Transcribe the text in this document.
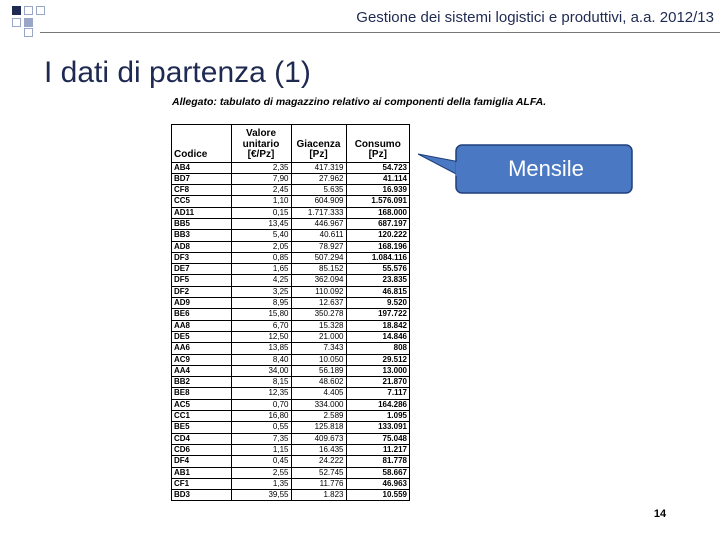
Gestione dei sistemi logistici e produttivi, a.a. 2012/13
I dati di partenza (1)
Allegato: tabulato di magazzino relativo ai componenti della famiglia ALFA.
Codice	Valore unitario [€/Pz]	Giacenza [Pz]	Consumo [Pz]
AB4	2,35	417.319	54.723
BD7	7,90	27.962	41.114
CF8	2,45	5.635	16.939
CC5	1,10	604.909	1.576.091
AD11	0,15	1.717.333	168.000
BB5	13,45	446.967	687.197
BB3	5,40	40.611	120.222
AD8	2,05	78.927	168.196
DF3	0,85	507.294	1.084.116
DE7	1,65	85.152	55.576
DF5	4,25	362.094	23.835
DF2	3,25	110.092	46.815
AD9	8,95	12.637	9.520
BE6	15,80	350.278	197.722
AA8	6,70	15.328	18.842
DE5	12,50	21.000	14.846
AA6	13,85	7.343	808
AC9	8,40	10.050	29.512
AA4	34,00	56.189	13.000
BB2	8,15	48.602	21.870
BE8	12,35	4.405	7.117
AC5	0,70	334.000	164.286
CC1	16,80	2.589	1.095
BE5	0,55	125.818	133.091
CD4	7,35	409.673	75.048
CD6	1,15	16.435	11.217
DF4	0,45	24.222	81.778
AB1	2,55	52.745	58.667
CF1	1,35	11.776	46.963
BD3	39,55	1.823	10.559
Mensile
14
